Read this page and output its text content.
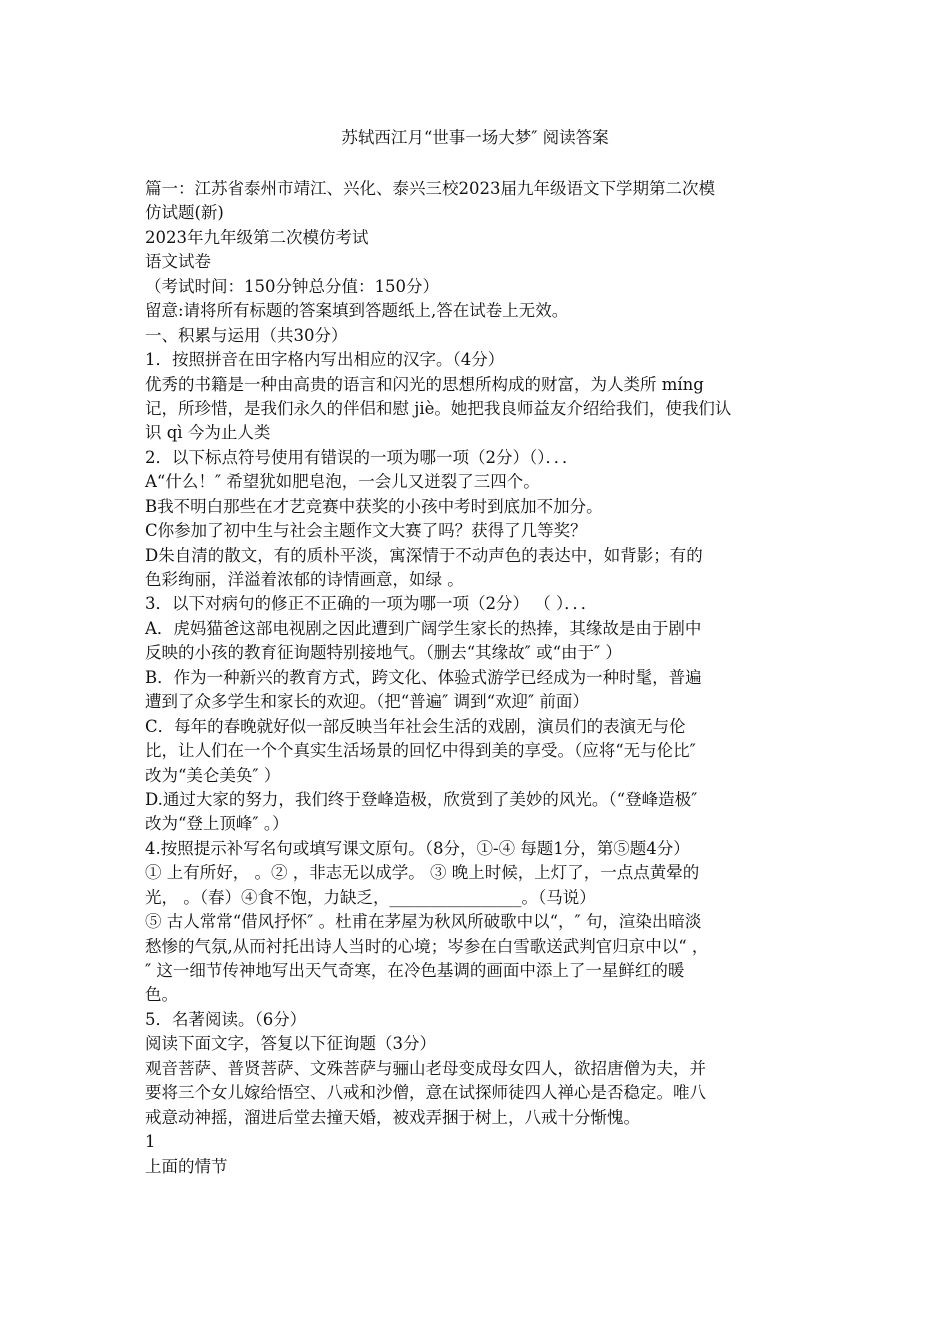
苏轼西江月“世事一场大梦″ 阅读答案
篇一：江苏省泰州市靖江、兴化、泰兴三校2023届九年级语文下学期第二次模
仿试题(新)
2023年九年级第二次模仿考试
语文试卷
（考试时间：150分钟总分值：150分）
留意:请将所有标题的答案填到答题纸上,答在试卷上无效。
一、积累与运用（共30分）
1．按照拼音在田字格内写出相应的汉字。（4分）
优秀的书籍是一种由高贵的语言和闪光的思想所构成的财富，为人类所 míng
记，所珍惜，是我们永久的伴侣和慰 jiè。她把我良师益友介绍给我们，使我们认
识 qì 今为止人类
2．以下标点符号使用有错误的一项为哪一项（2分）（）．．．
A“什么！″ 希望犹如肥皂泡，一会儿又迸裂了三四个。
B我不明白那些在才艺竞赛中获奖的小孩中考时到底加不加分。
C你参加了初中生与社会主题作文大赛了吗？获得了几等奖？
D朱自清的散文，有的质朴平淡，寓深情于不动声色的表达中，如背影；有的
色彩绚丽，洋溢着浓郁的诗情画意，如绿 。
3．以下对病句的修正不正确的一项为哪一项（2分） （ ）．．．
A．虎妈猫爸这部电视剧之因此遭到广阔学生家长的热捧，其缘故是由于剧中
反映的小孩的教育征询题特别接地气。（删去“其缘故″ 或“由于″ ）
B．作为一种新兴的教育方式，跨文化、体验式游学已经成为一种时髦，普遍
遭到了众多学生和家长的欢迎。（把“普遍″ 调到“欢迎″ 前面）
C．每年的春晚就好似一部反映当年社会生活的戏剧，演员们的表演无与伦
比，让人们在一个个真实生活场景的回忆中得到美的享受。（应将“无与伦比″
改为“美仑美奂″ ）
D.通过大家的努力，我们终于登峰造极，欣赏到了美妙的风光。（“登峰造极″
改为“登上顶峰″ 。）
4.按照提示补写名句或填写课文原句。（8分，①-④ 每题1分，第⑤题4分）
① 上有所好， 。② ，非志无以成学。 ③ 晚上时候，上灯了，一点点黄晕的
光， 。（春）④食不饱，力缺乏，________________。（马说）
⑤ 古人常常“借风抒怀″ 。杜甫在茅屋为秋风所破歌中以“，″ 句，渲染出暗淡
愁惨的气氛,从而衬托出诗人当时的心境；岑参在白雪歌送武判官归京中以“ ，
″ 这一细节传神地写出天气奇寒，在冷色基调的画面中添上了一星鲜红的暖
色。
5．名著阅读。（6分）
阅读下面文字，答复以下征询题（3分）
观音菩萨、普贤菩萨、文殊菩萨与骊山老母变成母女四人，欲招唐僧为夫，并
要将三个女儿嫁给悟空、八戒和沙僧，意在试探师徒四人禅心是否稳定。唯八
戒意动神摇，溜进后堂去撞天婚，被戏弄捆于树上，八戒十分惭愧。
1
上面的情节
